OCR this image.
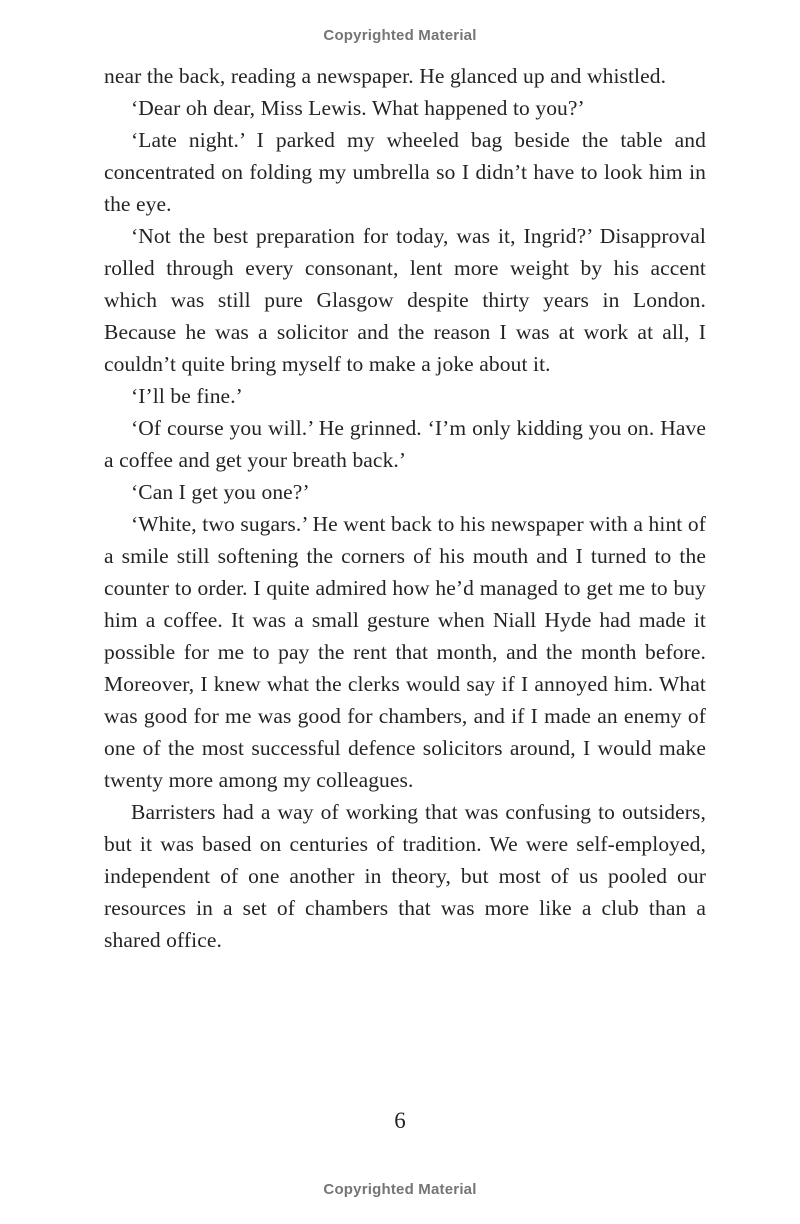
Copyrighted Material

near the back, reading a newspaper. He glanced up and whistled.

‘Dear oh dear, Miss Lewis. What happened to you?’

‘Late night.’ I parked my wheeled bag beside the table and concentrated on folding my umbrella so I didn’t have to look him in the eye.

‘Not the best preparation for today, was it, Ingrid?’ Disapproval rolled through every consonant, lent more weight by his accent which was still pure Glasgow despite thirty years in London. Because he was a solicitor and the reason I was at work at all, I couldn’t quite bring myself to make a joke about it.

‘I’ll be fine.’

‘Of course you will.’ He grinned. ‘I’m only kidding you on. Have a coffee and get your breath back.’

‘Can I get you one?’

‘White, two sugars.’ He went back to his newspaper with a hint of a smile still softening the corners of his mouth and I turned to the counter to order. I quite admired how he’d managed to get me to buy him a coffee. It was a small gesture when Niall Hyde had made it possible for me to pay the rent that month, and the month before. Moreover, I knew what the clerks would say if I annoyed him. What was good for me was good for chambers, and if I made an enemy of one of the most successful defence solicitors around, I would make twenty more among my colleagues.

Barristers had a way of working that was confusing to outsiders, but it was based on centuries of tradition. We were self-employed, independent of one another in theory, but most of us pooled our resources in a set of chambers that was more like a club than a shared office.

6
Copyrighted Material
